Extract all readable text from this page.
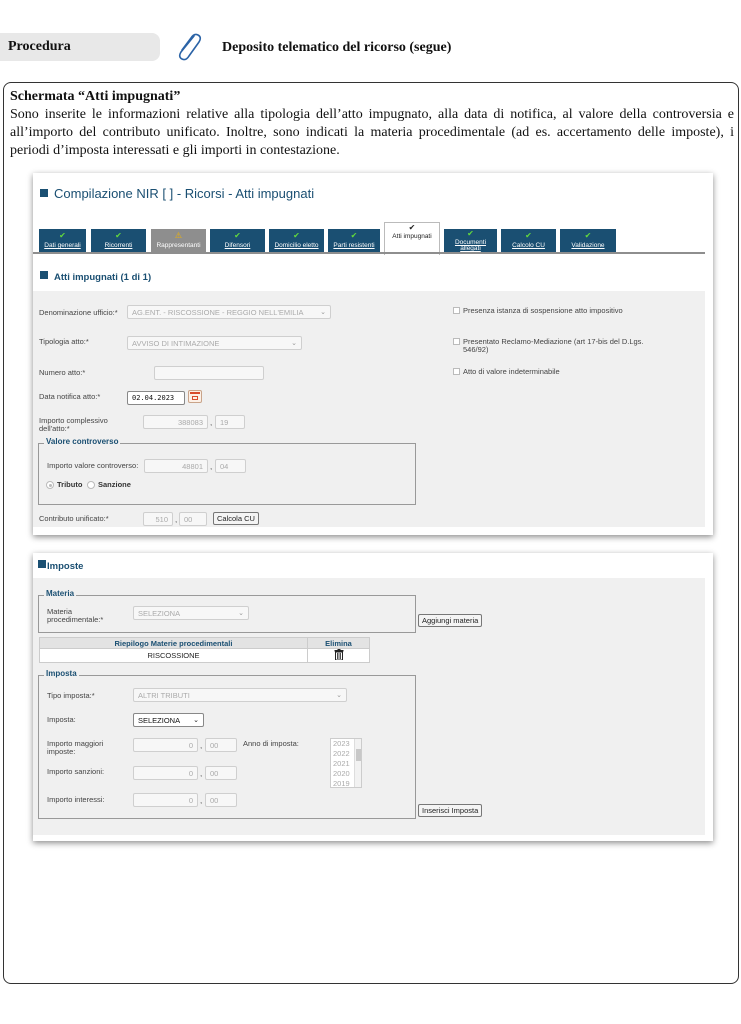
Procedura	Deposito telematico del ricorso (segue)
Schermata “Atti impugnati”
Sono inserite le informazioni relative alla tipologia dell’atto impugnato, alla data di notifica, al valore della controversia e all’importo del contributo unificato. Inoltre, sono indicati la materia procedimentale (ad es. accertamento delle imposte), i periodi d’imposta interessati e gli importi in contestazione.
Compilazione NIR [ ] - Ricorsi - Atti impugnati
✔
Dati generali
✔
Ricorrenti
⚠
Rappresentanti
✔
Difensori
✔
Domicilio eletto
✔
Parti resistenti
✔
Atti impugnati	✔
Documenti allegati
✔
Calcolo CU
✔
Validazione
Atti impugnati (1 di 1)
Denominazione ufficio:*	AG.ENT. - RISCOSSIONE - REGGIO NELL'EMILIA ⌄
Tipologia atto:*	AVVISO DI INTIMAZIONE	⌄
Numero atto:*
Data notifica atto:*	02.04.2023
Importo complessivo dell'atto:*
388083 ,	19
Valore controverso
Importo valore controverso:	48801 ,	04
Tributo Sanzione
Contributo unificato:*	510 , 00	Calcola CU
Presenza istanza di sospensione atto impositivo
Presentato Reclamo-Mediazione (art 17-bis del D.Lgs. 546/92)
Atto di valore indeterminabile
Imposte
Materia
Materia procedimentale:*
SELEZIONA	⌄
Aggiungi materia
Riepilogo Materie procedimentali	Elimina
RISCOSSIONE	
Imposta
Tipo imposta:*	ALTRI TRIBUTI	⌄
Imposta:	SELEZIONA ⌄
Importo maggiori imposte:
0 ,	00	Anno di imposta:	2023
2022
2021
2020
2019
Importo sanzioni:	0 ,	00
Importo interessi:	0 ,	00
Inserisci Imposta
